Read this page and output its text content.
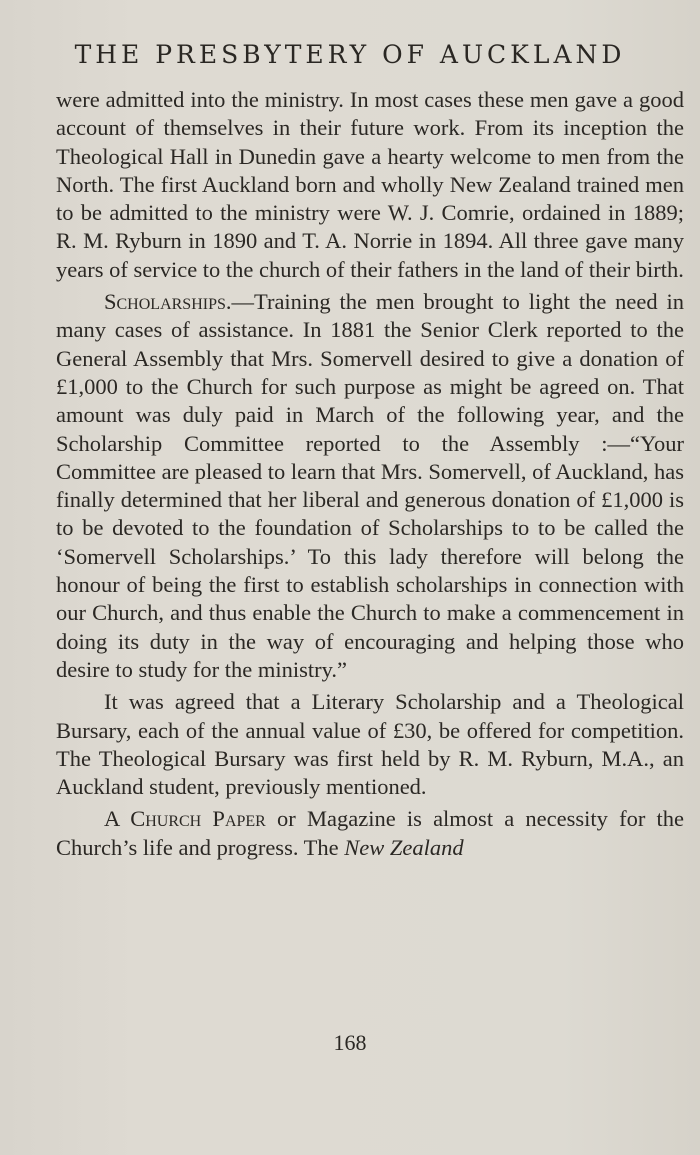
THE PRESBYTERY OF AUCKLAND

were admitted into the ministry. In most cases these men gave a good account of themselves in their future work. From its inception the Theological Hall in Dunedin gave a hearty welcome to men from the North. The first Auckland born and wholly New Zealand trained men to be admitted to the ministry were W. J. Comrie, ordained in 1889; R. M. Ryburn in 1890 and T. A. Norrie in 1894. All three gave many years of service to the church of their fathers in the land of their birth.

Scholarships.—Training the men brought to light the need in many cases of assistance. In 1881 the Senior Clerk reported to the General Assembly that Mrs. Somervell desired to give a donation of £1,000 to the Church for such purpose as might be agreed on. That amount was duly paid in March of the following year, and the Scholarship Committee reported to the Assembly :—“Your Committee are pleased to learn that Mrs. Somervell, of Auckland, has finally determined that her liberal and generous donation of £1,000 is to be devoted to the foundation of Scholarships to to be called the ‘Somervell Scholarships.’ To this lady therefore will belong the honour of being the first to establish scholarships in connection with our Church, and thus enable the Church to make a commencement in doing its duty in the way of encouraging and helping those who desire to study for the ministry.”

It was agreed that a Literary Scholarship and a Theological Bursary, each of the annual value of £30, be offered for competition. The Theological Bursary was first held by R. M. Ryburn, M.A., an Auckland student, previously mentioned.

A Church Paper or Magazine is almost a necessity for the Church’s life and progress. The New Zealand

168
